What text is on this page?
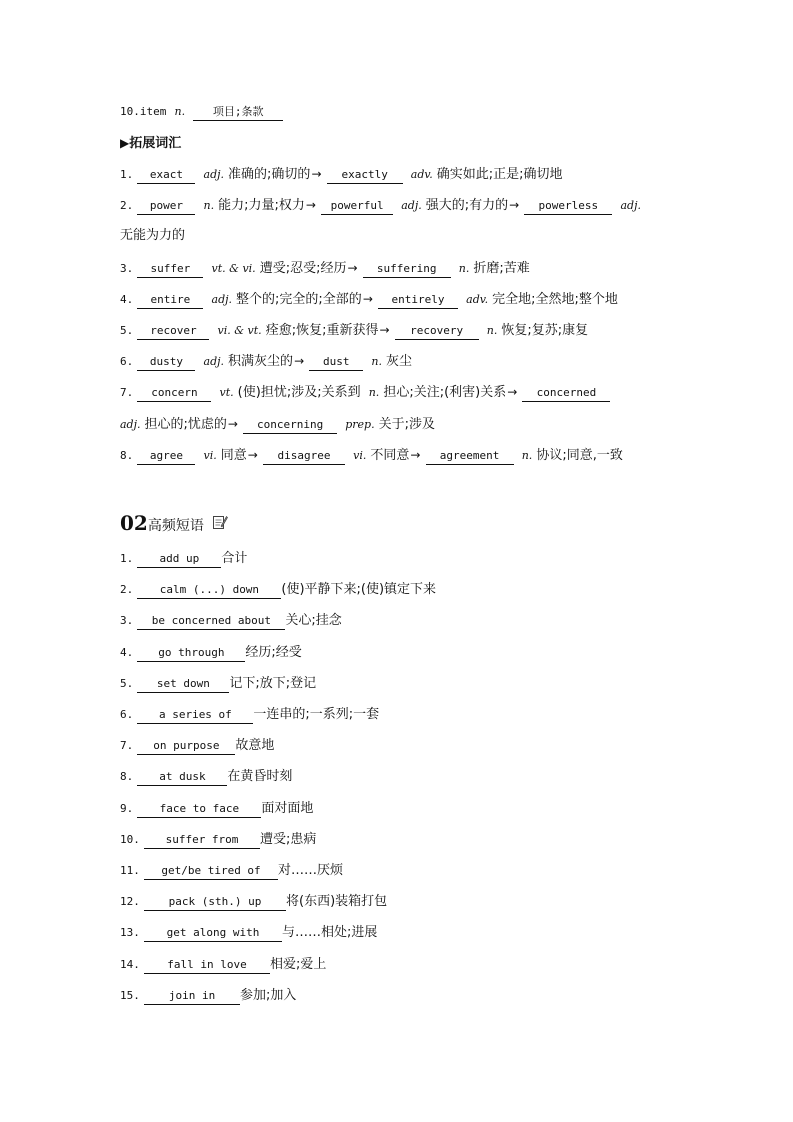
10.item n.	项目;条款
▶拓展词汇
1. exact adj. 准确的;确切的→ exactly adv. 确实如此;正是;确切地
2. power n. 能力;力量;权力→ powerful adj. 强大的;有力的→ powerless adj.
无能为力的
3. suffer vt. & vi. 遭受;忍受;经历→ suffering n. 折磨;苦难
4. entire adj. 整个的;完全的;全部的→ entirely adv. 完全地;全然地;整个地
5. recover vi. & vt. 痊愈;恢复;重新获得→ recovery n. 恢复;复苏;康复
6. dusty adj. 积满灰尘的→ dust n. 灰尘
7. concern vt. (使)担忧;涉及;关系到 n. 担心;关注;(利害)关系→ concerned
adj. 担心的;忧虑的→ concerning prep. 关于;涉及
8. agree vi. 同意→ disagree vi. 不同意→ agreement n. 协议;同意,一致
02高频短语
1. add up 合计
2. calm (...) down (使)平静下来;(使)镇定下来
3. be concerned about 关心;挂念
4. go through 经历;经受
5. set down 记下;放下;登记
6. a series of 一连串的;一系列;一套
7. on purpose 故意地
8. at dusk 在黄昏时刻
9. face to face 面对面地
10. suffer from 遭受;患病
11. get/be tired of 对……厌烦
12.	pack (sth.) up 将(东西)装箱打包
13. get along with 与……相处;进展
14. fall in love 相爱;爱上
15.	join in 参加;加入
